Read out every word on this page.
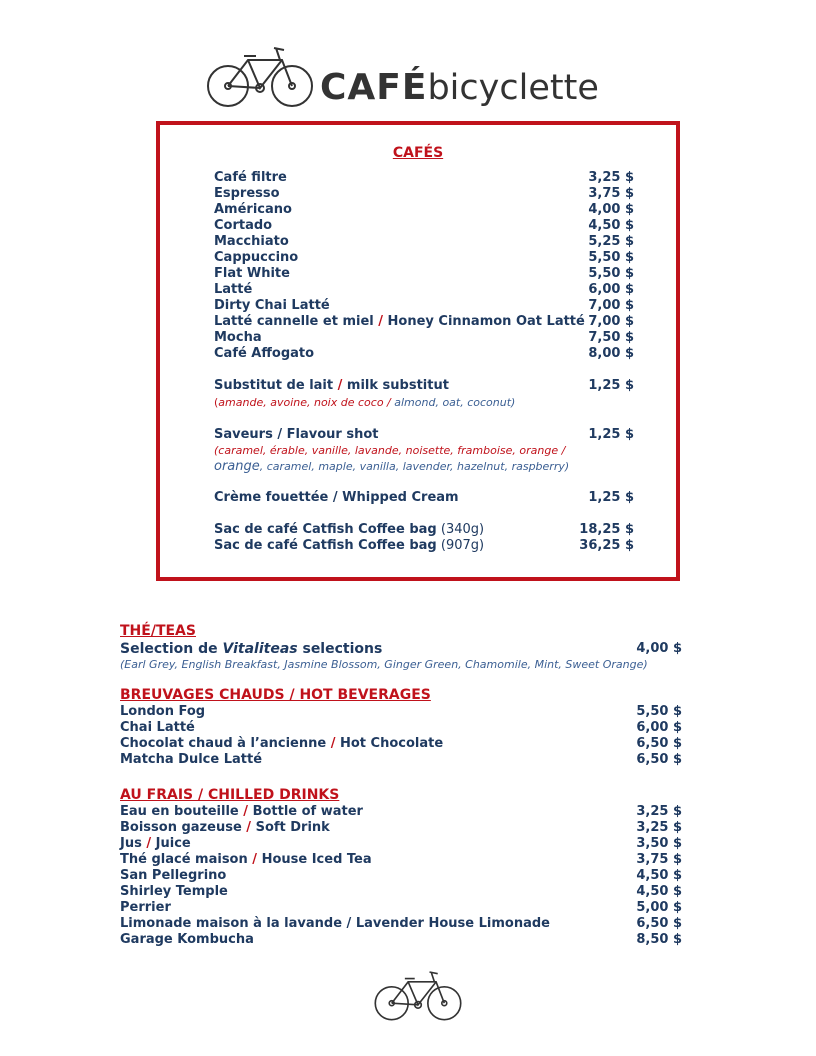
CAFÉbicyclette
CAFÉS
Café filtre	3,25 $
Espresso	3,75 $
Américano	4,00 $
Cortado	4,50 $
Macchiato	5,25 $
Cappuccino	5,50 $
Flat White	5,50 $
Latté	6,00 $
Dirty Chai Latté	7,00 $
Latté cannelle et miel / Honey Cinnamon Oat Latté 7,00 $
Mocha	7,50 $
Café Affogato	8,00 $
Substitut de lait / milk substitut	1,25 $
(amande, avoine, noix de coco / almond, oat, coconut)
Saveurs / Flavour shot	1,25 $
(caramel, érable, vanille, lavande, noisette, framboise, orange /
orange, caramel, maple, vanilla, lavender, hazelnut, raspberry)
Crème fouettée / Whipped Cream	1,25 $
Sac de café Catfish Coffee bag (340g)	18,25 $
Sac de café Catfish Coffee bag (907g)	36,25 $
THÉ/TEAS
Selection de Vitaliteas selections	4,00 $
(Earl Grey, English Breakfast, Jasmine Blossom, Ginger Green, Chamomile, Mint, Sweet Orange)
BREUVAGES CHAUDS / HOT BEVERAGES
London Fog	5,50 $
Chai Latté	6,00 $
Chocolat chaud à l’ancienne / Hot Chocolate	6,50 $
Matcha Dulce Latté	6,50 $
AU FRAIS / CHILLED DRINKS
Eau en bouteille / Bottle of water	3,25 $
Boisson gazeuse / Soft Drink	3,25 $
Jus / Juice	3,50 $
Thé glacé maison / House Iced Tea	3,75 $
San Pellegrino	4,50 $
Shirley Temple	4,50 $
Perrier	5,00 $
Limonade maison à la lavande / Lavender House Limonade	6,50 $
Garage Kombucha	8,50 $
